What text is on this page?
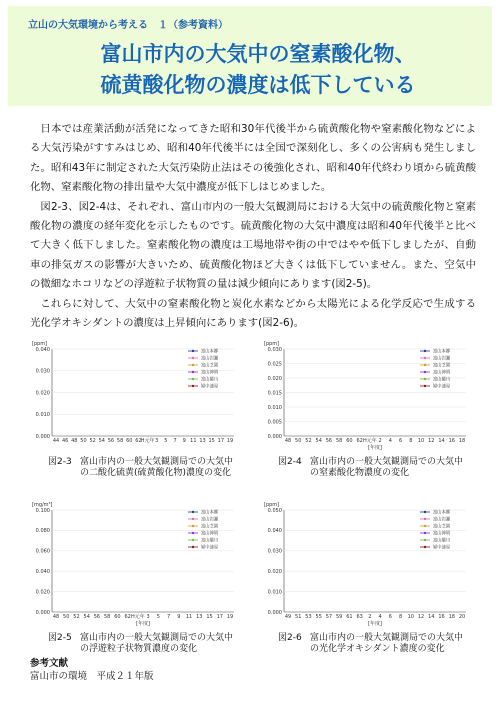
立山の大気環境から考える　１（参考資料）
富山市内の大気中の窒素酸化物、
硫黄酸化物の濃度は低下している

日本では産業活動が活発になってきた昭和30年代後半から硫黄酸化物や窒素酸化物などによる大気汚染がすすみはじめ、昭和40年代後半には全国で深刻化し、多くの公害病も発生しました。昭和43年に制定された大気汚染防止法はその後強化され、昭和40年代終わり頃から硫黄酸化物、窒素酸化物の排出量や大気中濃度が低下しはじめました。

図2-3、図2-4は、それぞれ、富山市内の一般大気観測局における大気中の硫黄酸化物と窒素酸化物の濃度の経年変化を示したものです。硫黄酸化物の大気中濃度は昭和40年代後半と比べて大きく低下しました。窒素酸化物の濃度は工場地帯や街の中ではやや低下しましたが、自動車の排気ガスの影響が大きいため、硫黄酸化物ほど大きくは低下していません。また、空気中の微細なホコリなどの浮遊粒子状物質の量は減少傾向にあります(図2-5)。

これらに対して、大気中の窒素酸化物と炭化水素などから太陽光による化学反応で生成する光化学オキシダントの濃度は上昇傾向にあります(図2-6)。

[ppm]
0.040
0.030
0.020
0.010
0.000
44 46 48 50 52 54 56 58 60 62 H元年 3 5 7 9 11 13 15 17 19
富山本郷
富山岩瀬
富山芝園
富山神明
富山蜷川
婦中速星
図2-3 富山市内の一般大気観測局での大気中
の二酸化硫黄(硫黄酸化物)濃度の変化
[ppm]
0.030
0.025
0.020
0.015
0.010
0.005
0.000
48 50 52 54 56 58 60 62 H元年 2 4 6 8 10 12 14 16 18
[年度]
富山本郷
富山岩瀬
富山芝園
富山神明
富山蜷川
婦中速星
図2-4 富山市内の一般大気観測局での大気中
の窒素酸化物濃度の変化
[mg/m³]
0.100
0.080
0.060
0.040
0.020
0.000
48 50 52 54 56 58 60 62 H元年 3 5 7 9 11 13 15 17 19
[年度]
富山本郷
富山岩瀬
富山芝園
富山神明
富山蜷川
婦中速星
図2-5 富山市内の一般大気観測局での大気中
の浮遊粒子状物質濃度の変化
[ppm]
0.050
0.040
0.030
0.020
0.010
0.000
49 51 53 55 57 59 61 63 2 4 6 8 10 12 14 16 18 20
[年度]
富山本郷
富山岩瀬
富山芝園
富山神明
富山蜷川
婦中速星
図2-6 富山市内の一般大気観測局での大気中
の光化学オキシダント濃度の変化
参考文献
富山市の環境　平成２１年版
